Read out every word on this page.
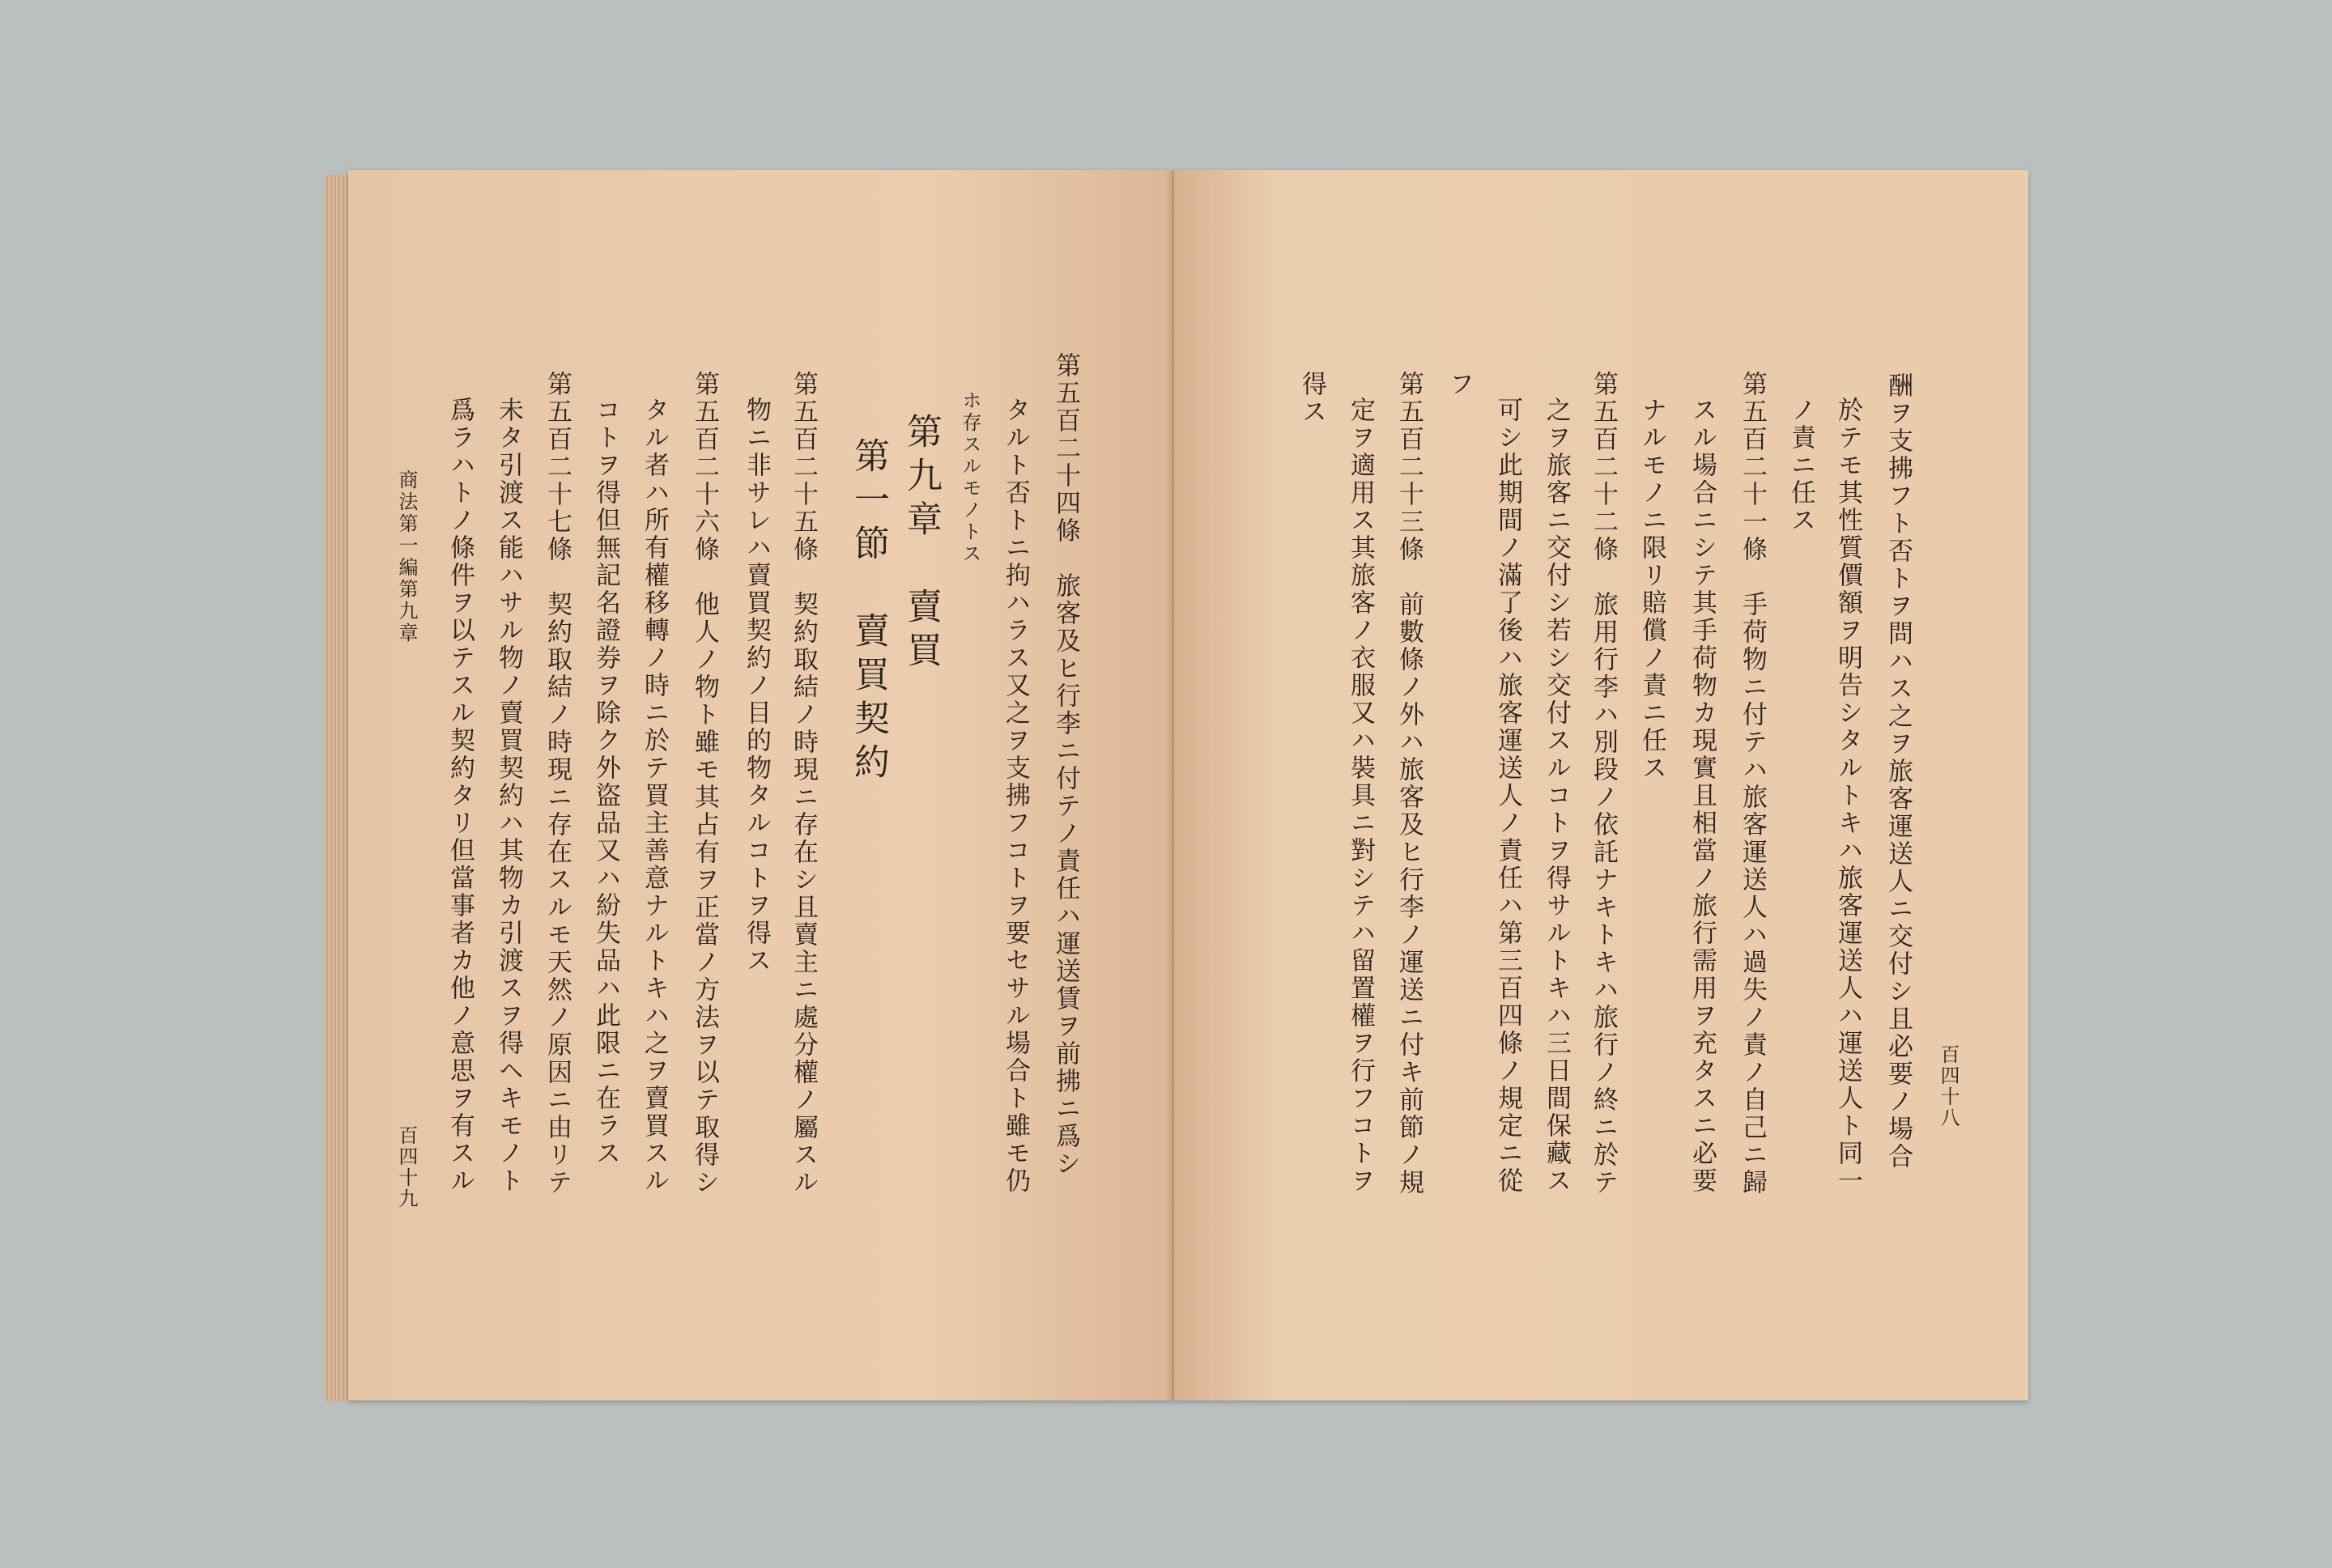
百四十九
商法第一編第九章 爲ラハトノ條件ヲ以テスル契約タリ但當事者カ他ノ意思ヲ有スル 未タ引渡ス能ハサル物ノ賣買契約ハ其物カ引渡スヲ得ヘキモノト 第五百二十七條　契約取結ノ時現ニ存在スルモ天然ノ原因ニ由リテ コトヲ得但無記名證券ヲ除ク外盜品又ハ紛失品ハ此限ニ在ラス タル者ハ所有權移轉ノ時ニ於テ買主善意ナルトキハ之ヲ賣買スル 第五百二十六條　他人ノ物ト雖モ其占有ヲ正當ノ方法ヲ以テ取得シ 物ニ非サレハ賣買契約ノ目的物タルコトヲ得ス 第五百二十五條　契約取結ノ時現ニ存在シ且賣主ニ處分權ノ屬スル 第一節　賣買契約 第九章　賣買 ホ存スルモノトス タルト否トニ拘ハラス又之ヲ支拂フコトヲ要セサル場合ト雖モ仍 第五百二十四條　旅客及ヒ行李ニ付テノ責任ハ運送賃ヲ前拂ニ爲シ	得ス 定ヲ適用ス其旅客ノ衣服又ハ裝具ニ對シテハ留置權ヲ行フコトヲ 第五百二十三條　前數條ノ外ハ旅客及ヒ行李ノ運送ニ付キ前節ノ規 フ
可シ此期間ノ滿了後ハ旅客運送人ノ責任ハ第三百四條ノ規定ニ從 之ヲ旅客ニ交付シ若シ交付スルコトヲ得サルトキハ三日間保藏ス 第五百二十二條　旅用行李ハ別段ノ依託ナキトキハ旅行ノ終ニ於テ ナルモノニ限リ賠償ノ責ニ任ス スル場合ニシテ其手荷物カ現實且相當ノ旅行需用ヲ充タスニ必要 第五百二十一條　手荷物ニ付テハ旅客運送人ハ過失ノ責ノ自己ニ歸 ノ責ニ任ス 於テモ其性質價額ヲ明告シタルトキハ旅客運送人ハ運送人ト同一 酬ヲ支拂フト否トヲ問ハス之ヲ旅客運送人ニ交付シ且必要ノ場合 百四十八
